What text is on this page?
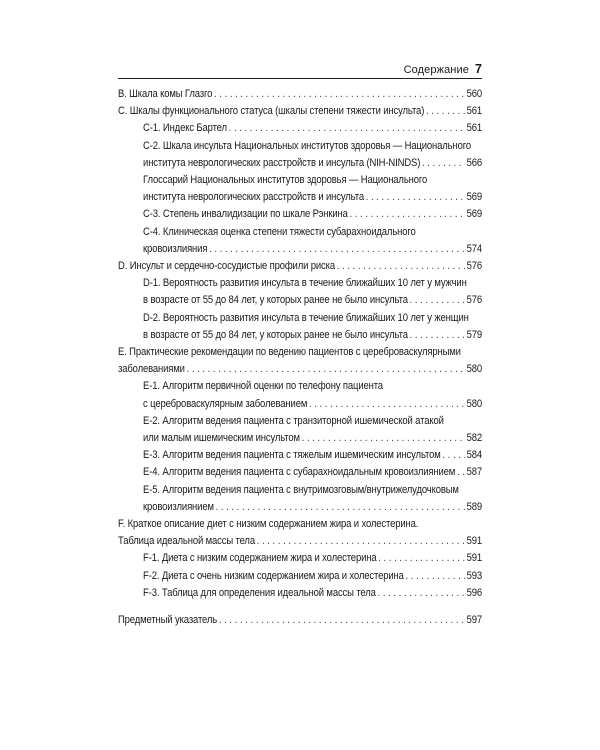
Содержание 7
B. Шкала комы Глазго . . .	560
C. Шкалы функционального статуса (шкалы степени тяжести инсульта) . . .	561
C-1. Индекс Бартел . . .	561
C-2. Шкала инсульта Национальных институтов здоровья — Национального
института неврологических расстройств и инсульта (NIH-NINDS) . . .	566
Глоссарий Национальных институтов здоровья — Национального
института неврологических расстройств и инсульта . . .	569
C-3. Степень инвалидизации по шкале Рэнкина . . .	569
C-4. Клиническая оценка степени тяжести субарахноидального
кровоизлияния . . .	574
D. Инсульт и сердечно-сосудистые профили риска . . .	576
D-1. Вероятность развития инсульта в течение ближайших 10 лет у мужчин
в возрасте от 55 до 84 лет, у которых ранее не было инсульта . . .	576
D-2. Вероятность развития инсульта в течение ближайших 10 лет у женщин
в возрасте от 55 до 84 лет, у которых ранее не было инсульта . . .	579
E. Практические рекомендации по ведению пациентов с цереброваскулярными
заболеваниями . . .	580
E-1. Алгоритм первичной оценки по телефону пациента
с цереброваскулярным заболеванием . . .	580
E-2. Алгоритм ведения пациента с транзиторной ишемической атакой
или малым ишемическим инсультом . . .	582
E-3. Алгоритм ведения пациента с тяжелым ишемическим инсультом . . . 584
E-4. Алгоритм ведения пациента с субарахноидальным кровоизлиянием . . . 587
E-5. Алгоритм ведения пациента с внутримозговым/внутрижелудочковым
кровоизлиянием . . .	589
F. Краткое описание диет с низким содержанием жира и холестерина.
Таблица идеальной массы тела . . .	591
F-1. Диета с низким содержанием жира и холестерина . . .	591
F-2. Диета с очень низким содержанием жира и холестерина . . .	593
F-3. Таблица для определения идеальной массы тела . . .	596
Предметный указатель . . .	597
